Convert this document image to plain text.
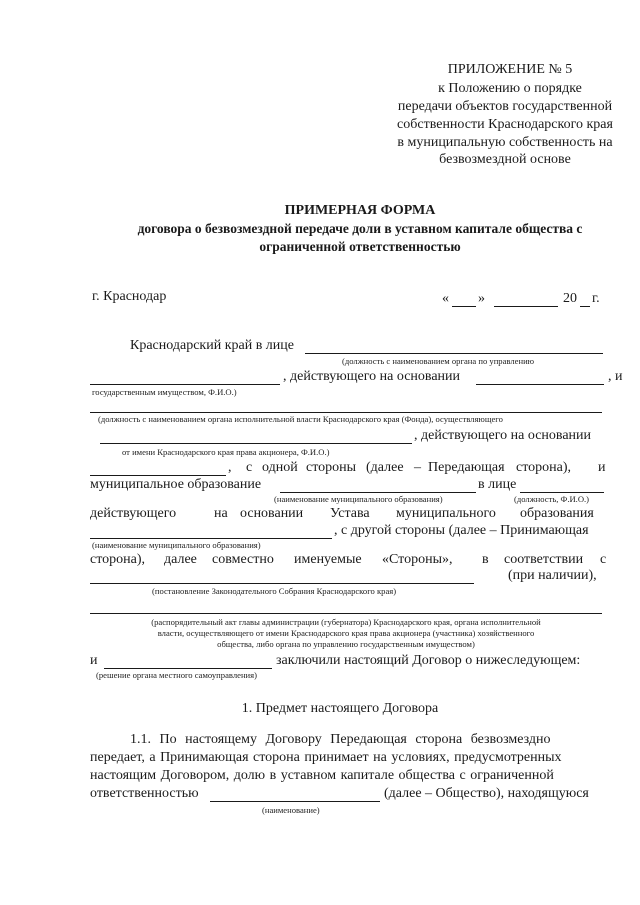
ПРИЛОЖЕНИЕ № 5
к Положению о порядке
передачи объектов государственной
собственности Краснодарского края
в муниципальную собственность на
безвозмездной основе
ПРИМЕРНАЯ ФОРМА
договора о безвозмездной передаче доли в уставном капитале общества с
ограниченной ответственностью
г. Краснодар	« »	20 г.
Краснодарский край в лице
(должность с наименованием органа по управлению
, действующего на основании	, и
государственным имуществом, Ф.И.О.)
(должность с наименованием органа исполнительной власти Краснодарского края (Фонда), осуществляющего
, действующего на основании
от имени Краснодарского края права акционера, Ф.И.О.)
, с одной стороны (далее – Передающая сторона), и
муниципальное образование	в лице
(наименование муниципального образования)	(должность, Ф.И.О.)
действующего	на основании Устава муниципального образования
, с другой стороны (далее – Принимающая
(наименование муниципального образования)
сторона), далее совместно именуемые «Стороны», в соответствии с
(при наличии),
(постановление Законодательного Собрания Краснодарского края)
(распорядительный акт главы администрации (губернатора) Краснодарского края, органа исполнительной
власти, осуществляющего от имени Краснодарского края права акционера (участника) хозяйственного
общества, либо органа по управлению государственным имуществом)
и	заключили настоящий Договор о нижеследующем:
(решение органа местного самоуправления)
1. Предмет настоящего Договора
1.1. По настоящему Договору Передающая сторона безвозмездно
передает, а Принимающая сторона принимает на условиях, предусмотренных
настоящим Договором, долю в уставном капитале общества с ограниченной
ответственностью	(далее – Общество), находящуюся
(наименование)
